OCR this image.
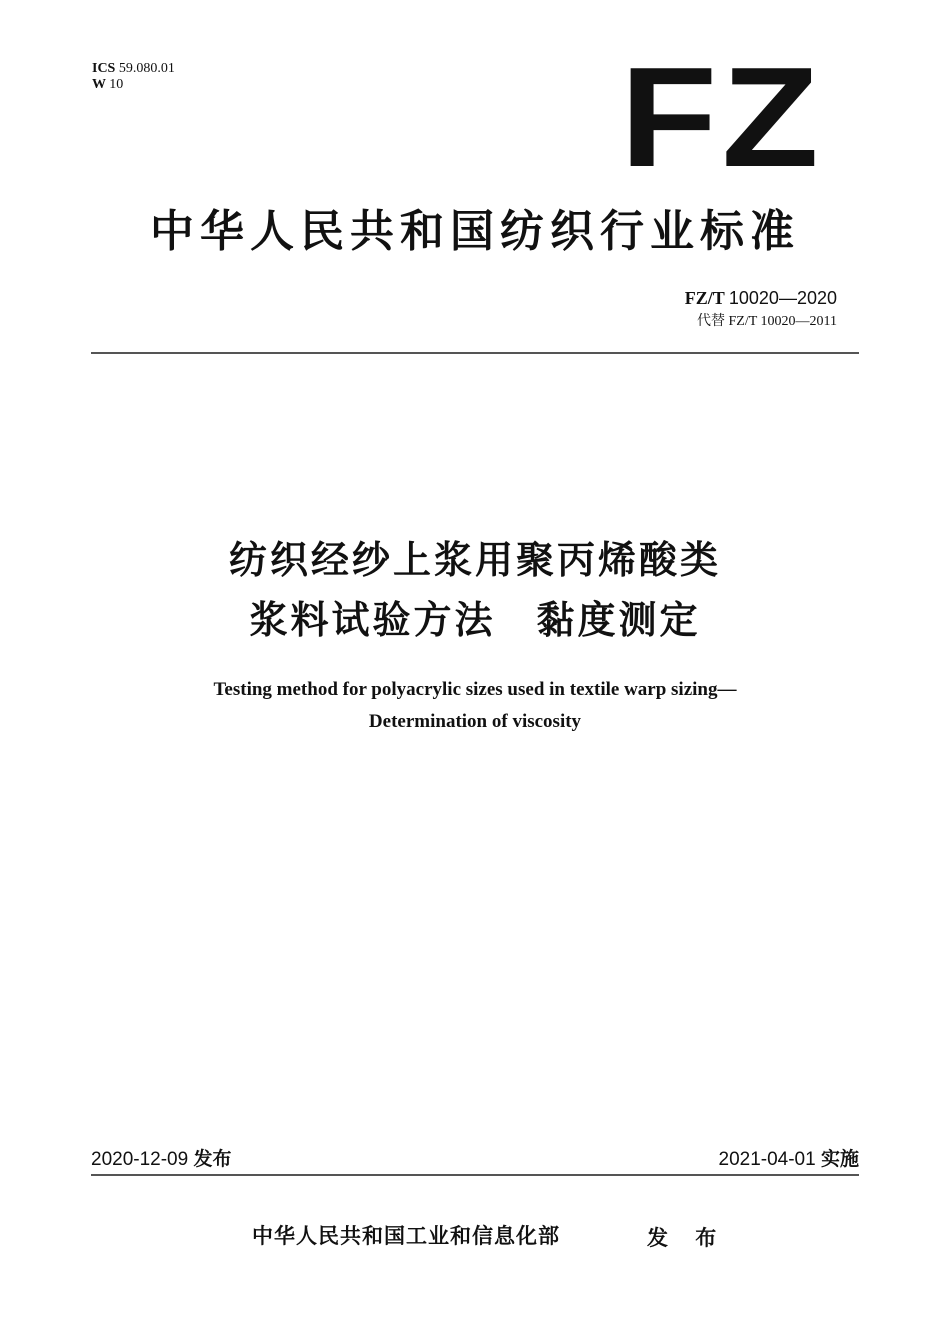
ICS 59.080.01
W 10	FZ
中华人民共和国纺织行业标准
FZ/T 10020—2020
代替 FZ/T 10020—2011
纺织经纱上浆用聚丙烯酸类
浆料试验方法　黏度测定
Testing method for polyacrylic sizes used in textile warp sizing—
Determination of viscosity
2020-12-09 发布	2021-04-01 实施
中华人民共和国工业和信息化部	发 布
